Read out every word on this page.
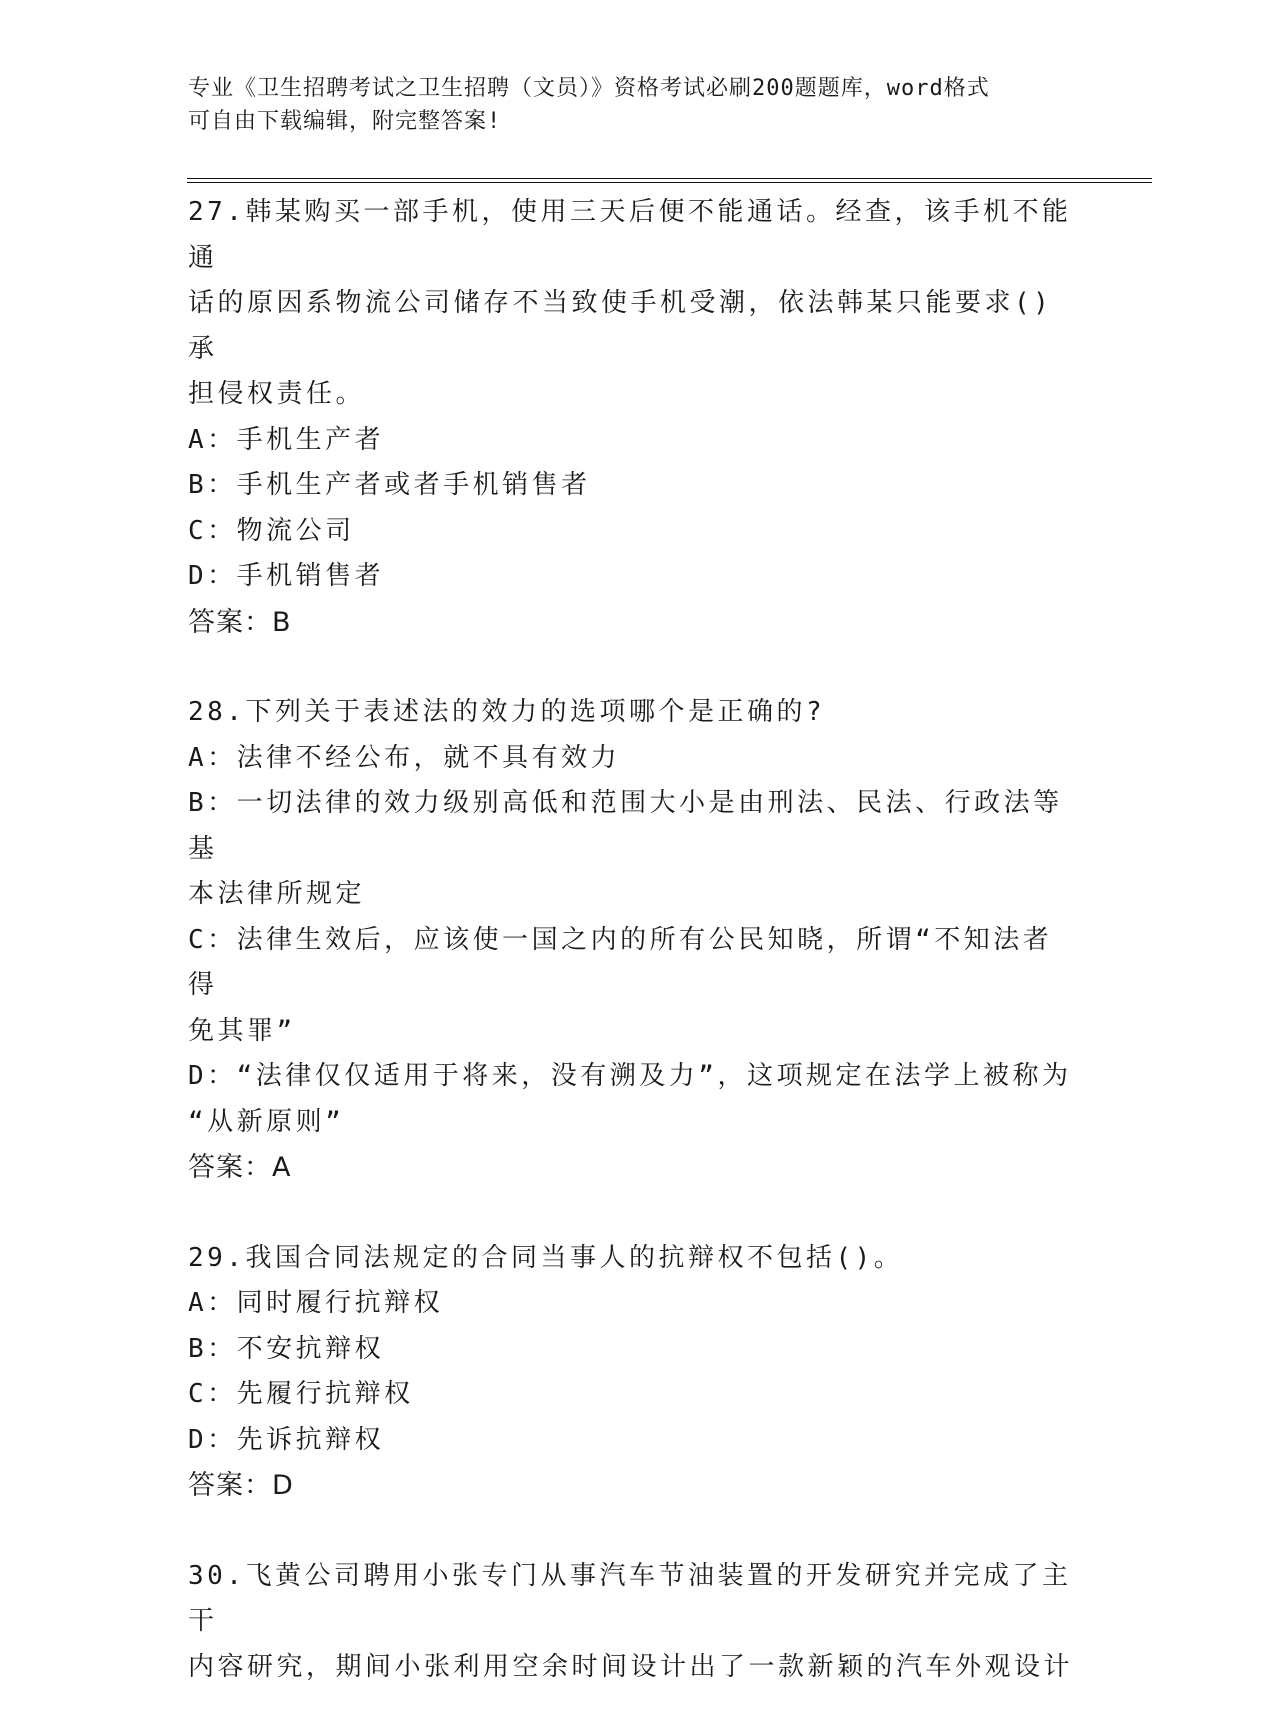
专业《卫生招聘考试之卫生招聘（文员）》资格考试必刷200题题库，word格式
可自由下载编辑，附完整答案!
27.韩某购买一部手机，使用三天后便不能通话。经查，该手机不能通
话的原因系物流公司储存不当致使手机受潮，依法韩某只能要求()承
担侵权责任。
A：手机生产者
B：手机生产者或者手机销售者
C：物流公司
D：手机销售者
答案：B
28.下列关于表述法的效力的选项哪个是正确的?
A：法律不经公布，就不具有效力
B：一切法律的效力级别高低和范围大小是由刑法、民法、行政法等基
本法律所规定
C：法律生效后，应该使一国之内的所有公民知晓，所谓“不知法者得
免其罪”
D：“法律仅仅适用于将来，没有溯及力”，这项规定在法学上被称为
“从新原则”
答案：A
29.我国合同法规定的合同当事人的抗辩权不包括()。
A：同时履行抗辩权
B：不安抗辩权
C：先履行抗辩权
D：先诉抗辩权
答案：D
30.飞黄公司聘用小张专门从事汽车节油装置的开发研究并完成了主干
内容研究，期间小张利用空余时间设计出了一款新颖的汽车外观设计
